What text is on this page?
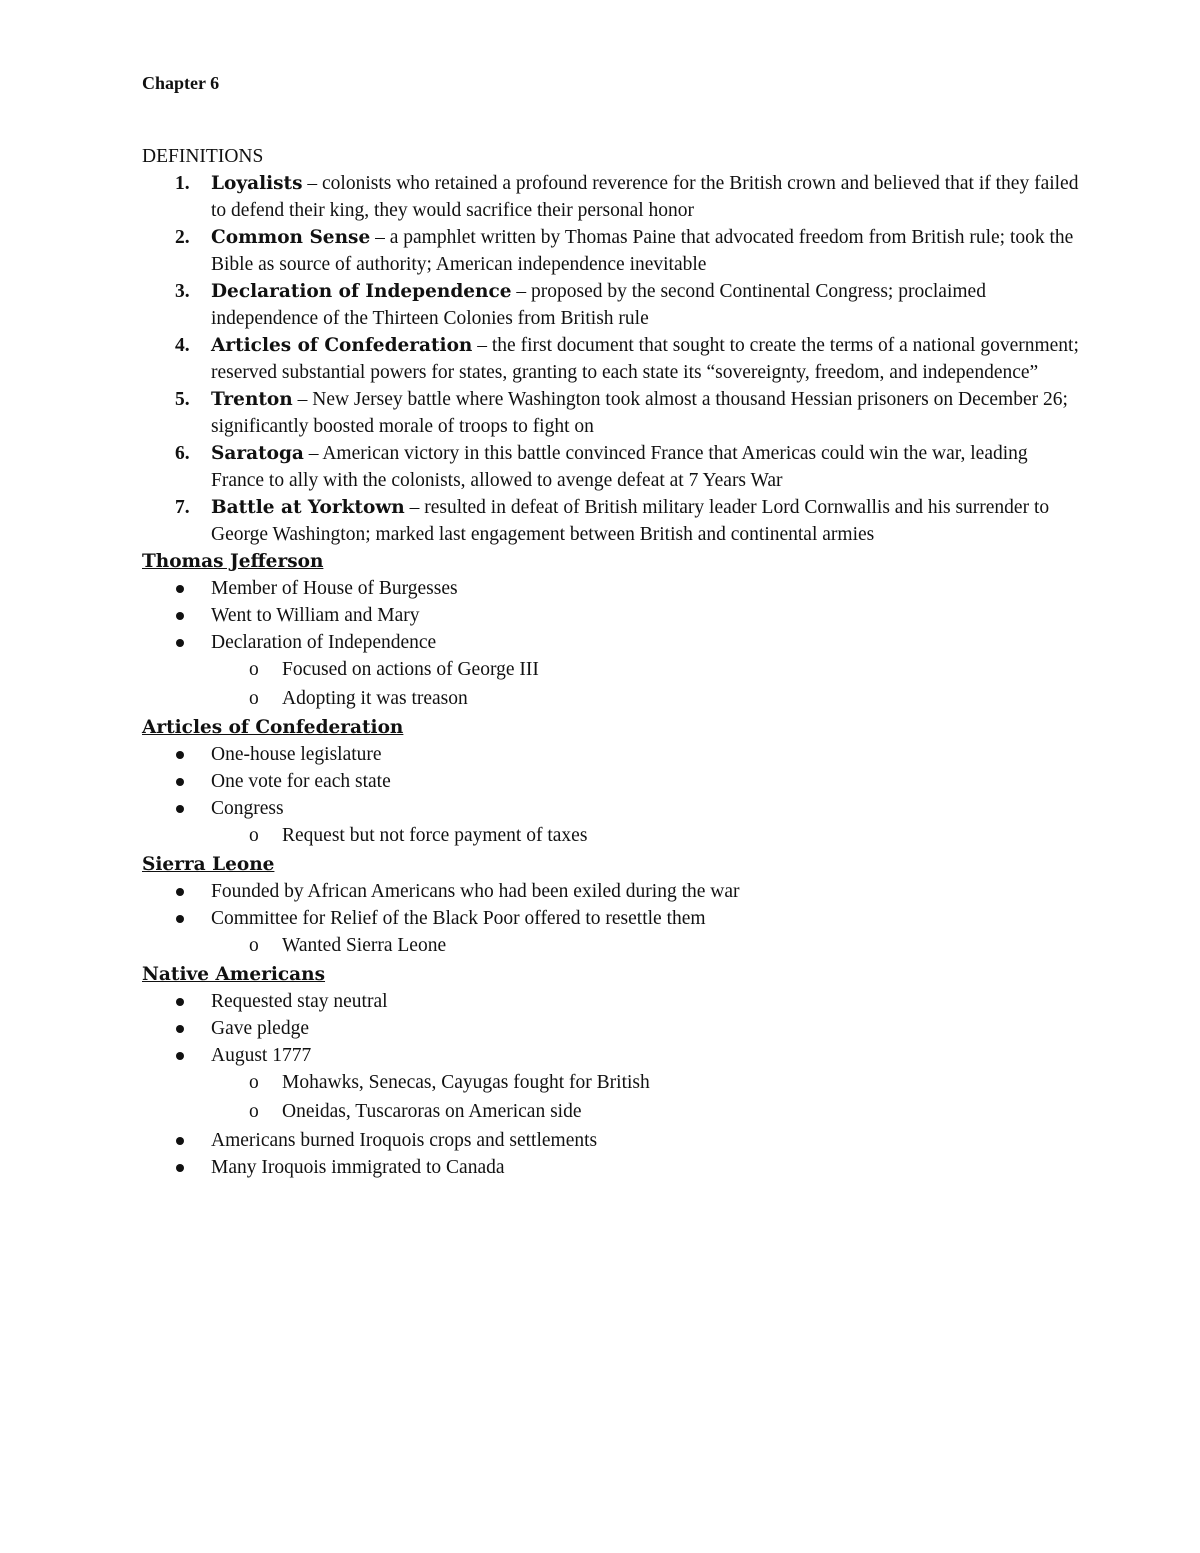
Chapter 6
DEFINITIONS
1. Loyalists – colonists who retained a profound reverence for the British crown and believed that if they failed to defend their king, they would sacrifice their personal honor
2. Common Sense – a pamphlet written by Thomas Paine that advocated freedom from British rule; took the Bible as source of authority; American independence inevitable
3. Declaration of Independence – proposed by the second Continental Congress; proclaimed independence of the Thirteen Colonies from British rule
4. Articles of Confederation – the first document that sought to create the terms of a national government; reserved substantial powers for states, granting to each state its “sovereignty, freedom, and independence”
5. Trenton – New Jersey battle where Washington took almost a thousand Hessian prisoners on December 26; significantly boosted morale of troops to fight on
6. Saratoga – American victory in this battle convinced France that Americas could win the war, leading France to ally with the colonists, allowed to avenge defeat at 7 Years War
7. Battle at Yorktown – resulted in defeat of British military leader Lord Cornwallis and his surrender to George Washington; marked last engagement between British and continental armies
Thomas Jefferson
Member of House of Burgesses
Went to William and Mary
Declaration of Independence
o Focused on actions of George III
o Adopting it was treason
Articles of Confederation
One-house legislature
One vote for each state
Congress
o Request but not force payment of taxes
Sierra Leone
Founded by African Americans who had been exiled during the war
Committee for Relief of the Black Poor offered to resettle them
o Wanted Sierra Leone
Native Americans
Requested stay neutral
Gave pledge
August 1777
o Mohawks, Senecas, Cayugas fought for British
o Oneidas, Tuscaroras on American side
Americans burned Iroquois crops and settlements
Many Iroquois immigrated to Canada
